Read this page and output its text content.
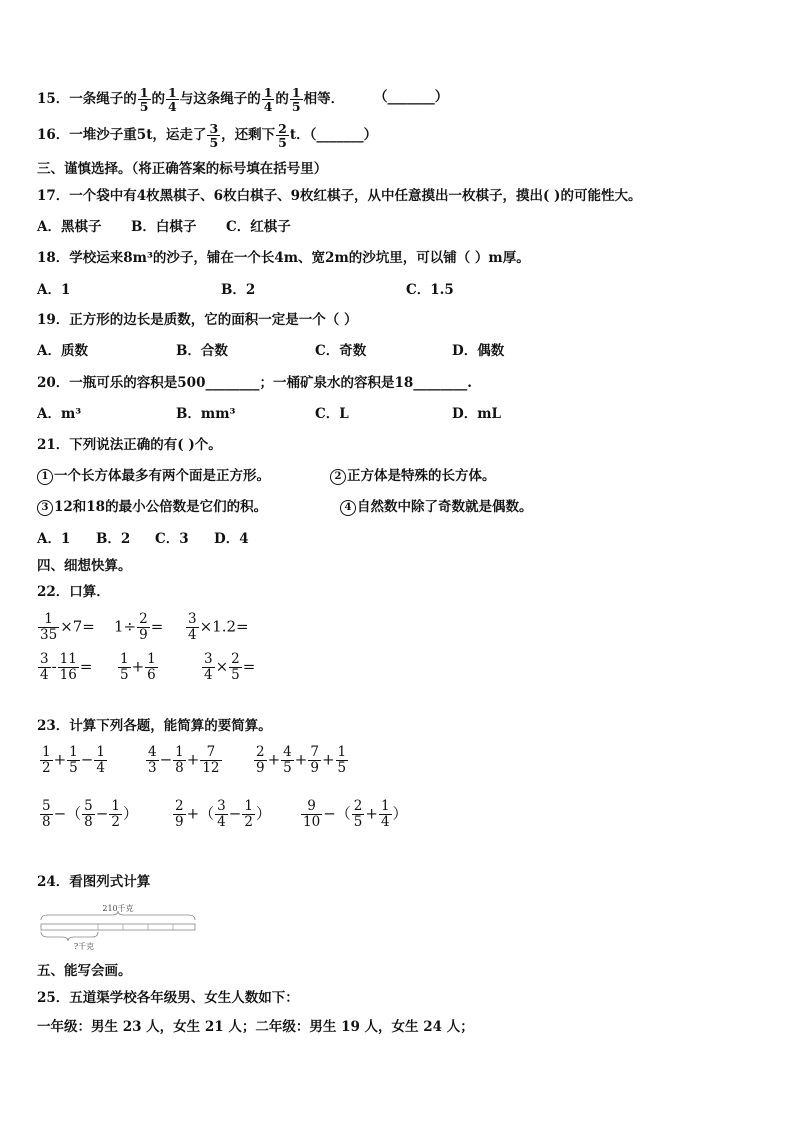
15．一条绳子的 $\frac{1}{5}$ 的 $\frac{1}{4}$ 与这条绳子的 $\frac{1}{4}$ 的 $\frac{1}{5}$ 相等． （_______）
16．一堆沙子重5t，运走了 $\frac{3}{5}$ ，还剩下 $\frac{2}{5}$ t．（_______）
三、谨慎选择。（将正确答案的标号填在括号里）
17．一个袋中有4枚黑棋子、6枚白棋子、9枚红棋子，从中任意摸出一枚棋子，摸出( )的可能性大。
A．黑棋子 B．白棋子 C．红棋子
18．学校运来8m³的沙子，铺在一个长4m、宽2m的沙坑里，可以铺（ ）m厚。
A．1	B．2	C．1.5
19．正方形的边长是质数，它的面积一定是一个（ ）
A．质数	B．合数	C．奇数	D．偶数
20．一瓶可乐的容积是500________；一桶矿泉水的容积是18________.
A．m³	B．mm³	C．L	D．mL
21．下列说法正确的有( )个。
1 一个长方体最多有两个面是正方形。	2 正方体是特殊的长方体。
3 12和18的最小公倍数是它们的积。	4 自然数中除了奇数就是偶数。
A．1 B．2 C．3 D．4
四、细想快算。
22．口算．
$\frac{1}{35} \times 7= 1\div \frac{2}{9} = \frac{3}{4} \times 1.2=$
$\frac{3}{4} - \frac{11}{16} = \frac{1}{5} + \frac{1}{6}$	$\frac{3}{4} \times \frac{2}{5}$ =
23．计算下列各题，能简算的要简算。
$\frac{1}{2} + \frac{1}{5} - \frac{1}{4}$	$\frac{4}{3} - \frac{1}{8} + \frac{7}{12} \frac{2}{9} + \frac{4}{5} + \frac{7}{9} + \frac{1}{5}$
$\frac{5}{8}$ −（ $\frac{5}{8} - \frac{1}{2}$ ）	$\frac{2}{9}$ +（ $\frac{3}{4} - \frac{1}{2}$ ） $\frac{9}{10}$ −（ $\frac{2}{5} + \frac{1}{4}$ ）
24．看图列式计算
210千克
?千克
五、能写会画。
25．五道渠学校各年级男、女生人数如下：
一年级：男生 23 人，女生 21 人；二年级：男生 19 人，女生 24 人；
